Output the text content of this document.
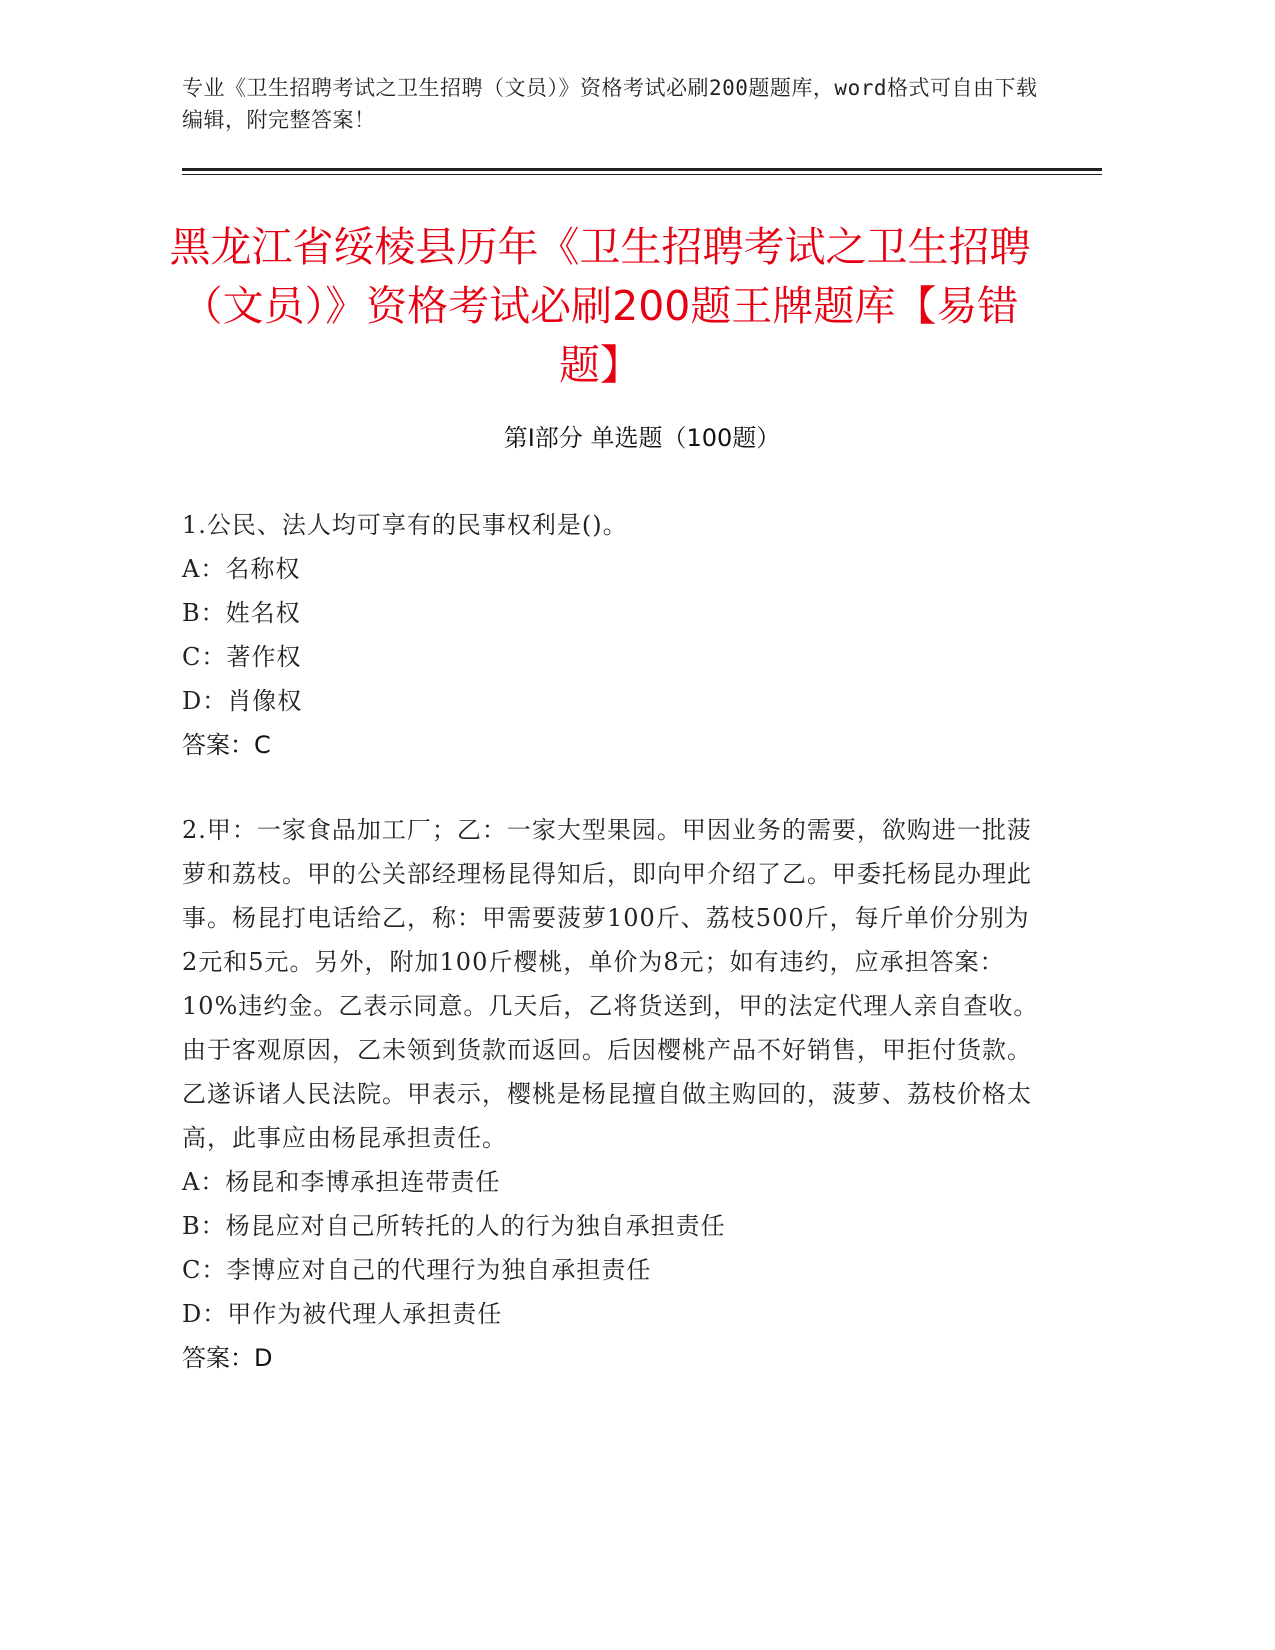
专业《卫生招聘考试之卫生招聘（文员）》资格考试必刷200题题库，word格式可自由下载编辑，附完整答案！
黑龙江省绥棱县历年《卫生招聘考试之卫生招聘（文员）》资格考试必刷200题王牌题库【易错题】
第I部分 单选题（100题）

1.公民、法人均可享有的民事权利是()。

A：名称权

B：姓名权

C：著作权

D：肖像权

答案：C

2.甲：一家食品加工厂；乙：一家大型果园。甲因业务的需要，欲购进一批菠萝和荔枝。甲的公关部经理杨昆得知后，即向甲介绍了乙。甲委托杨昆办理此事。杨昆打电话给乙，称：甲需要菠萝100斤、荔枝500斤，每斤单价分别为2元和5元。另外，附加100斤樱桃，单价为8元；如有违约，应承担答案：10%违约金。乙表示同意。几天后，乙将货送到，甲的法定代理人亲自查收。由于客观原因，乙未领到货款而返回。后因樱桃产品不好销售，甲拒付货款。乙遂诉诸人民法院。甲表示，樱桃是杨昆擅自做主购回的，菠萝、荔枝价格太高，此事应由杨昆承担责任。

A：杨昆和李博承担连带责任

B：杨昆应对自己所转托的人的行为独自承担责任

C：李博应对自己的代理行为独自承担责任

D：甲作为被代理人承担责任

答案：D
